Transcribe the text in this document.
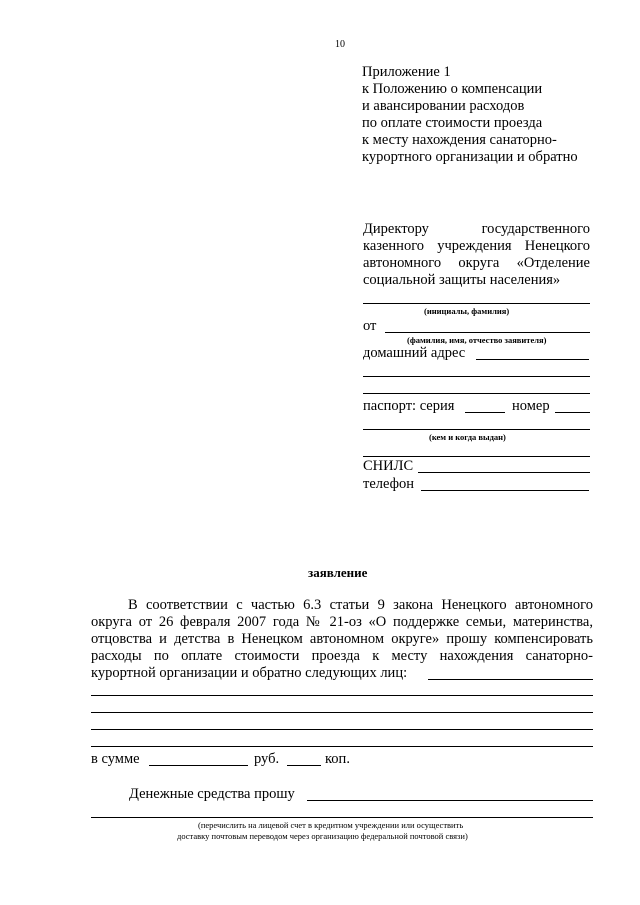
10
Приложение 1
к Положению о компенсации
и авансировании расходов
по оплате стоимости проезда
к месту нахождения санаторно-
курортного организации и обратно
Директору государственного
казенного учреждения Ненецкого
автономного округа «Отделение
социальной защиты населения»
(инициалы, фамилия)
от
(фамилия, имя, отчество заявителя)
домашний адрес
паспорт: серия	номер
(кем и когда выдан)
СНИЛС
телефон
заявление
В соответствии с частью 6.3 статьи 9 закона Ненецкого автономного
округа от 26 февраля 2007 года № 21-оз «О поддержке семьи, материнства,
отцовства и детства в Ненецком автономном округе» прошу компенсировать
расходы по оплате стоимости проезда к месту нахождения санаторно-
курортной организации и обратно следующих лиц:
в сумме	руб.	коп.
Денежные средства прошу
(перечислить на лицевой счет в кредитном учреждении или осуществить
доставку почтовым переводом через организацию федеральной почтовой связи)
